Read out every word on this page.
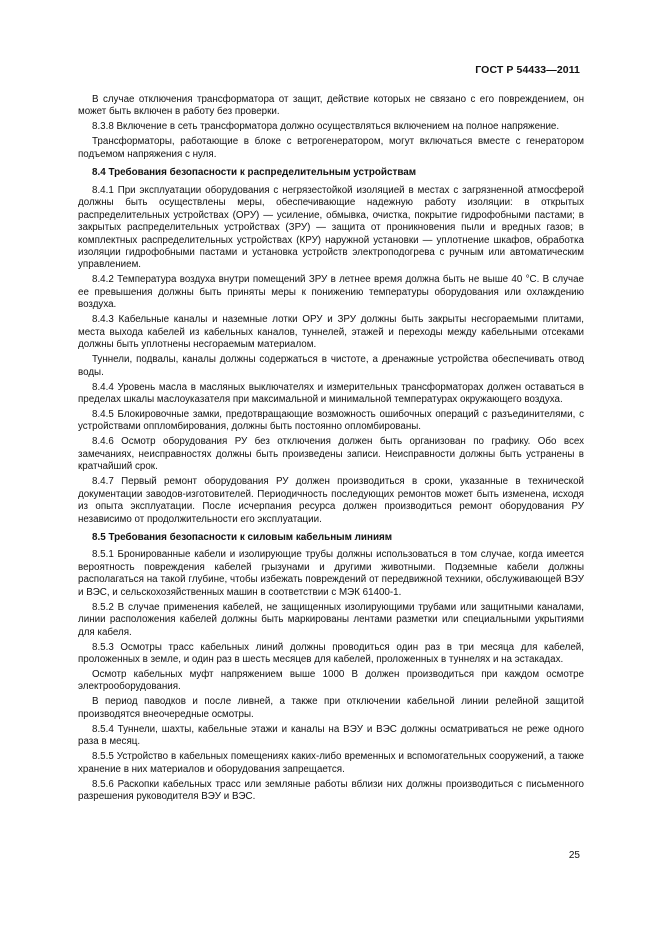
ГОСТ Р 54433—2011

В случае отключения трансформатора от защит, действие которых не связано с его повреждением, он может быть включен в работу без проверки.

8.3.8 Включение в сеть трансформатора должно осуществляться включением на полное напряжение.

Трансформаторы, работающие в блоке с ветрогенератором, могут включаться вместе с генератором подъемом напряжения с нуля.

8.4 Требования безопасности к распределительным устройствам

8.4.1 При эксплуатации оборудования с негрязестойкой изоляцией в местах с загрязненной атмосферой должны быть осуществлены меры, обеспечивающие надежную работу изоляции: в открытых распределительных устройствах (ОРУ) — усиление, обмывка, очистка, покрытие гидрофобными пастами; в закрытых распределительных устройствах (ЗРУ) — защита от проникновения пыли и вредных газов; в комплектных распределительных устройствах (КРУ) наружной установки — уплотнение шкафов, обработка изоляции гидрофобными пастами и установка устройств электроподогрева с ручным или автоматическим управлением.

8.4.2 Температура воздуха внутри помещений ЗРУ в летнее время должна быть не выше 40 °С. В случае ее превышения должны быть приняты меры к понижению температуры оборудования или охлаждению воздуха.

8.4.3 Кабельные каналы и наземные лотки ОРУ и ЗРУ должны быть закрыты несгораемыми плитами, места выхода кабелей из кабельных каналов, туннелей, этажей и переходы между кабельными отсеками должны быть уплотнены несгораемым материалом.

Туннели, подвалы, каналы должны содержаться в чистоте, а дренажные устройства обеспечивать отвод воды.

8.4.4 Уровень масла в масляных выключателях и измерительных трансформаторах должен оставаться в пределах шкалы маслоуказателя при максимальной и минимальной температурах окружающего воздуха.

8.4.5 Блокировочные замки, предотвращающие возможность ошибочных операций с разъединителями, с устройствами оппломбирования, должны быть постоянно опломбированы.

8.4.6 Осмотр оборудования РУ без отключения должен быть организован по графику. Обо всех замечаниях, неисправностях должны быть произведены записи. Неисправности должны быть устранены в кратчайший срок.

8.4.7 Первый ремонт оборудования РУ должен производиться в сроки, указанные в технической документации заводов-изготовителей. Периодичность последующих ремонтов может быть изменена, исходя из опыта эксплуатации. После исчерпания ресурса должен производиться ремонт оборудования РУ независимо от продолжительности его эксплуатации.

8.5 Требования безопасности к силовым кабельным линиям

8.5.1 Бронированные кабели и изолирующие трубы должны использоваться в том случае, когда имеется вероятность повреждения кабелей грызунами и другими животными. Подземные кабели должны располагаться на такой глубине, чтобы избежать повреждений от передвижной техники, обслуживающей ВЭУ и ВЭС, и сельскохозяйственных машин в соответствии с МЭК 61400-1.

8.5.2 В случае применения кабелей, не защищенных изолирующими трубами или защитными каналами, линии расположения кабелей должны быть маркированы лентами разметки или специальными укрытиями для кабеля.

8.5.3 Осмотры трасс кабельных линий должны проводиться один раз в три месяца для кабелей, проложенных в земле, и один раз в шесть месяцев для кабелей, проложенных в туннелях и на эстакадах.

Осмотр кабельных муфт напряжением выше 1000 В должен производиться при каждом осмотре электрооборудования.

В период паводков и после ливней, а также при отключении кабельной линии релейной защитой производятся внеочередные осмотры.

8.5.4 Туннели, шахты, кабельные этажи и каналы на ВЭУ и ВЭС должны осматриваться не реже одного раза в месяц.

8.5.5 Устройство в кабельных помещениях каких-либо временных и вспомогательных сооружений, а также хранение в них материалов и оборудования запрещается.

8.5.6 Раскопки кабельных трасс или земляные работы вблизи них должны производиться с письменного разрешения руководителя ВЭУ и ВЭС.

25
